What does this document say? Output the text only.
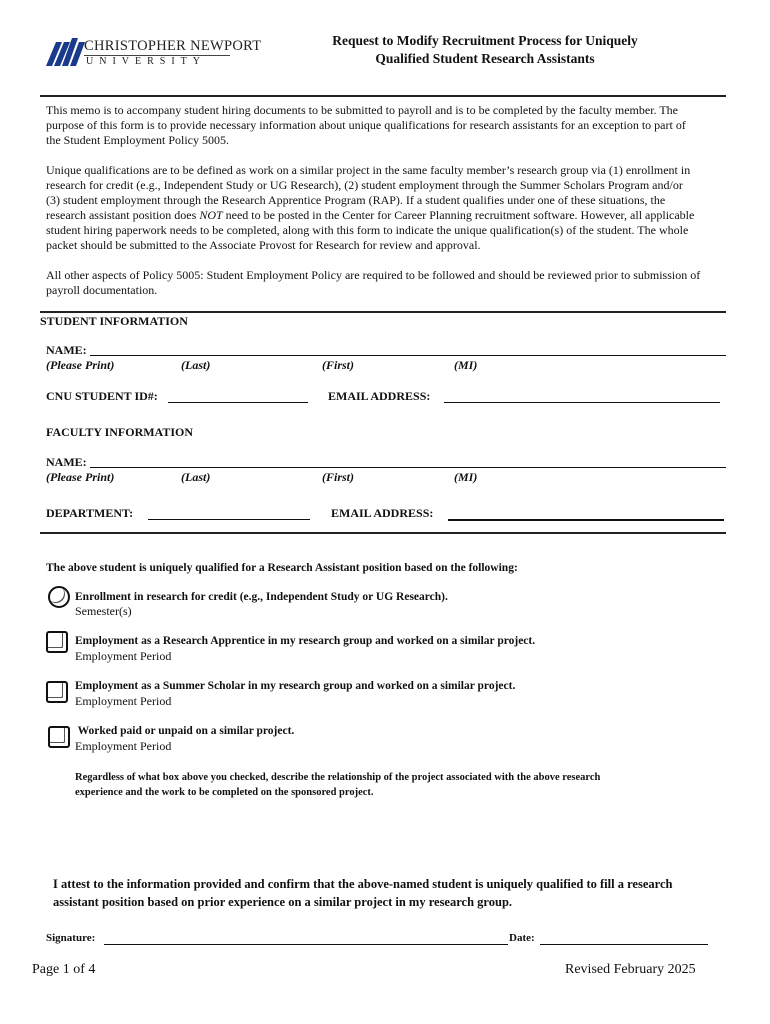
CHRISTOPHER NEWPORT
UNIVERSITY
Request to Modify Recruitment Process for Uniquely
Qualified Student Research Assistants
This memo is to accompany student hiring documents to be submitted to payroll and is to be completed by the faculty member. The
purpose of this form is to provide necessary information about unique qualifications for research assistants for an exception to part of
the Student Employment Policy 5005.
Unique qualifications are to be defined as work on a similar project in the same faculty member’s research group via (1) enrollment in
research for credit (e.g., Independent Study or UG Research), (2) student employment through the Summer Scholars Program and/or
(3) student employment through the Research Apprentice Program (RAP). If a student qualifies under one of these situations, the
research assistant position does NOT need to be posted in the Center for Career Planning recruitment software. However, all applicable
student hiring paperwork needs to be completed, along with this form to indicate the unique qualification(s) of the student. The whole
packet should be submitted to the Associate Provost for Research for review and approval.
All other aspects of Policy 5005: Student Employment Policy are required to be followed and should be reviewed prior to submission of
payroll documentation.
STUDENT INFORMATION
NAME:
(Please Print)	(Last)	(First)	(MI)
CNU STUDENT ID#:	EMAIL ADDRESS:
FACULTY INFORMATION
NAME:
(Please Print)	(Last)	(First)	(MI)
DEPARTMENT:	EMAIL ADDRESS:
The above student is uniquely qualified for a Research Assistant position based on the following:
Enrollment in research for credit (e.g., Independent Study or UG Research).
Semester(s)
Employment as a Research Apprentice in my research group and worked on a similar project.
Employment Period
Employment as a Summer Scholar in my research group and worked on a similar project.
Employment Period
Worked paid or unpaid on a similar project.
Employment Period
Regardless of what box above you checked, describe the relationship of the project associated with the above research
experience and the work to be completed on the sponsored project.
I attest to the information provided and confirm that the above-named student is uniquely qualified to fill a research
assistant position based on prior experience on a similar project in my research group.
Signature:	Date:
Page 1 of 4	Revised February 2025
